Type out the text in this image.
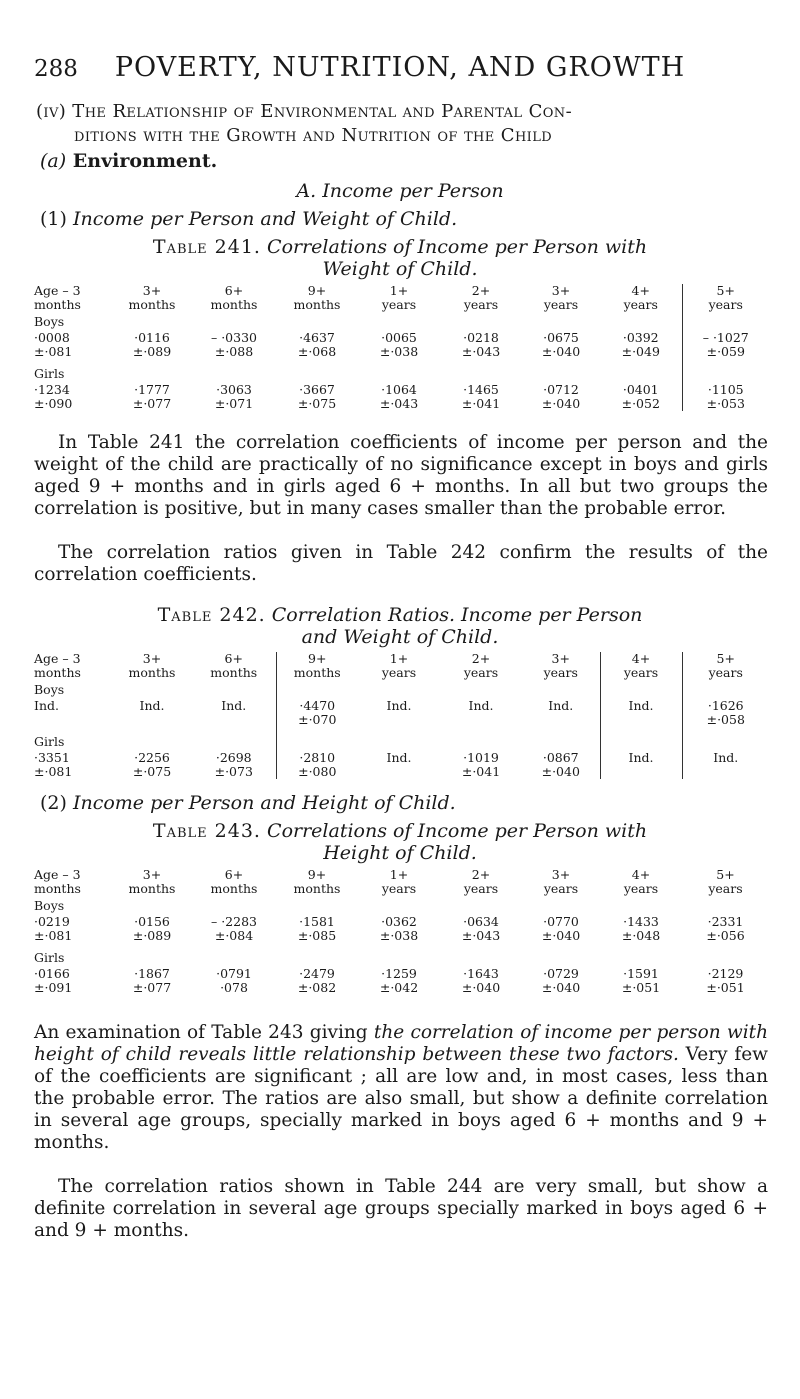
288	POVERTY, NUTRITION, AND GROWTH
(iv) The Relationship of Environmental and Parental Con-
ditions with the Growth and Nutrition of the Child
(a) Environment.
A. Income per Person
(1) Income per Person and Weight of Child.
Table 241. Correlations of Income per Person with
Weight of Child.
Age – 3	3+	6+	9+	1+	2+	3+	4+	5+
months	months	months	months	years	years	years	years	years
Boys								
·0008	·0116	– ·0330	·4637	·0065	·0218	·0675	·0392	– ·1027
±·081	±·089	±·088	±·068	±·038	±·043	±·040	±·049	±·059
Girls								
·1234	·1777	·3063	·3667	·1064	·1465	·0712	·0401	·1105
±·090	±·077	±·071	±·075	±·043	±·041	±·040	±·052	±·053
In Table 241 the correlation coefficients of income per person and the weight of the child are practically of no significance except in boys and girls aged 9 + months and in girls aged 6 + months. In all but two groups the correlation is positive, but in many cases smaller than the probable error.
The correlation ratios given in Table 242 confirm the results of the correlation coefficients.
Table 242. Correlation Ratios. Income per Person
and Weight of Child.
Age – 3	3+	6+	9+	1+	2+	3+	4+	5+
months	months	months	months	years	years	years	years	years
Boys								
Ind.	Ind.	Ind.	·4470	Ind.	Ind.	Ind.	Ind.	·1626
			±·070					±·058
Girls								
·3351	·2256	·2698	·2810	Ind.	·1019	·0867	Ind.	Ind.
±·081	±·075	±·073	±·080		±·041	±·040		
(2) Income per Person and Height of Child.
Table 243. Correlations of Income per Person with
Height of Child.
Age – 3	3+	6+	9+	1+	2+	3+	4+	5+
months	months	months	months	years	years	years	years	years
Boys								
·0219	·0156	– ·2283	·1581	·0362	·0634	·0770	·1433	·2331
±·081	±·089	±·084	±·085	±·038	±·043	±·040	±·048	±·056
Girls								
·0166	·1867	·0791	·2479	·1259	·1643	·0729	·1591	·2129
±·091	±·077	·078	±·082	±·042	±·040	±·040	±·051	±·051
An examination of Table 243 giving the correlation of income per person with height of child reveals little relationship between these two factors. Very few of the coefficients are significant ; all are low and, in most cases, less than the probable error. The ratios are also small, but show a definite correlation in several age groups, specially marked in boys aged 6 + months and 9 + months.
The correlation ratios shown in Table 244 are very small, but show a definite correlation in several age groups specially marked in boys aged 6 + and 9 + months.
